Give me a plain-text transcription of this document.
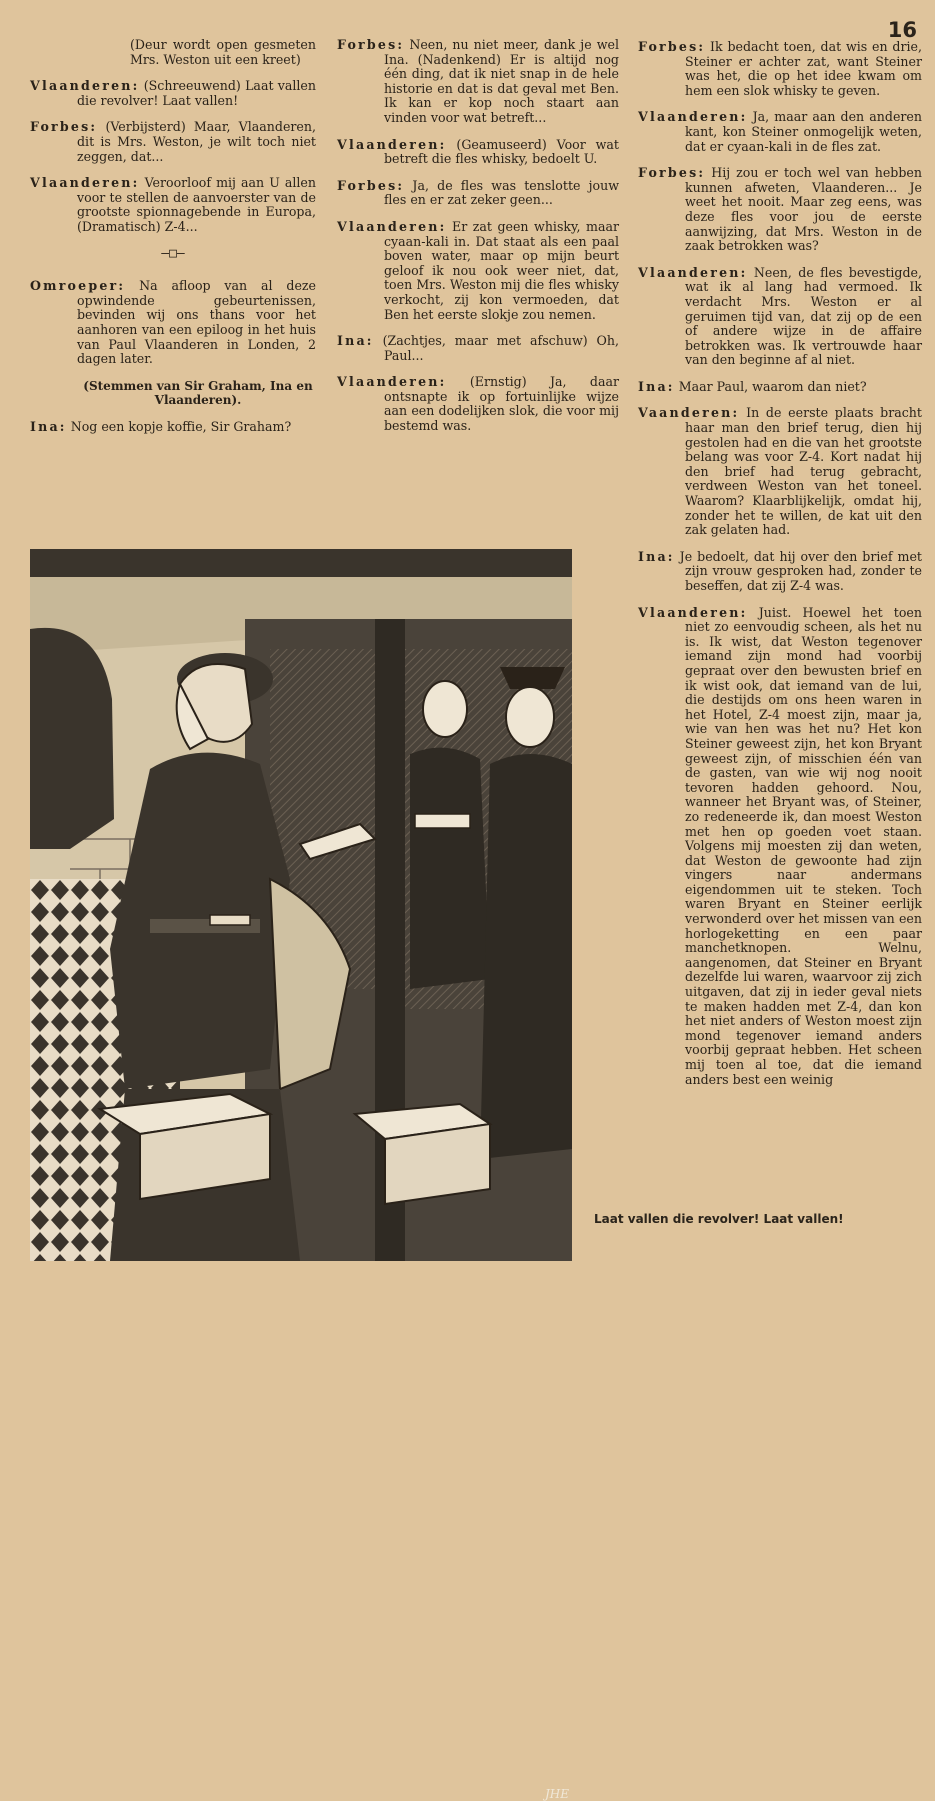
16

(Deur wordt open gesmeten Mrs. Weston uit een kreet)

Vlaanderen: (Schreeuwend) Laat vallen die revolver! Laat vallen!

Forbes: (Verbijsterd) Maar, Vlaanderen, dit is Mrs. Weston, je wilt toch niet zeggen, dat...

Vlaanderen: Veroorloof mij aan U allen voor te stellen de aanvoerster van de grootste spionnagebende in Europa, (Dramatisch) Z-4...

—□—

Omroeper: Na afloop van al deze opwindende gebeurtenissen, bevinden wij ons thans voor het aanhoren van een epiloog in het huis van Paul Vlaanderen in Londen, 2 dagen later.

(Stemmen van Sir Graham, Ina en Vlaanderen).

Ina: Nog een kopje koffie, Sir Graham?

Forbes: Neen, nu niet meer, dank je wel Ina. (Nadenkend) Er is altijd nog één ding, dat ik niet snap in de hele historie en dat is dat geval met Ben. Ik kan er kop noch staart aan vinden voor wat betreft...

Vlaanderen: (Geamuseerd) Voor wat betreft die fles whisky, bedoelt U.

Forbes: Ja, de fles was tenslotte jouw fles en er zat zeker geen...

Vlaanderen: Er zat geen whisky, maar cyaan-kali in. Dat staat als een paal boven water, maar op mijn beurt geloof ik nou ook weer niet, dat, toen Mrs. Weston mij die fles whisky verkocht, zij kon vermoeden, dat Ben het eerste slokje zou nemen.

Ina: (Zachtjes, maar met afschuw) Oh, Paul...

Vlaanderen: (Ernstig) Ja, daar ontsnapte ik op fortuinlijke wijze aan een dodelijken slok, die voor mij bestemd was.

Forbes: Ik bedacht toen, dat wis en drie, Steiner er achter zat, want Steiner was het, die op het idee kwam om hem een slok whisky te geven.

Vlaanderen: Ja, maar aan den anderen kant, kon Steiner onmogelijk weten, dat er cyaan-kali in de fles zat.

Forbes: Hij zou er toch wel van hebben kunnen afweten, Vlaanderen... Je weet het nooit. Maar zeg eens, was deze fles voor jou de eerste aanwijzing, dat Mrs. Weston in de zaak betrokken was?

Vlaanderen: Neen, de fles bevestigde, wat ik al lang had vermoed. Ik verdacht Mrs. Weston er al geruimen tijd van, dat zij op de een of andere wijze in de affaire betrokken was. Ik vertrouwde haar van den beginne af al niet.

Ina: Maar Paul, waarom dan niet?

Vaanderen: In de eerste plaats bracht haar man den brief terug, dien hij gestolen had en die van het grootste belang was voor Z-4. Kort nadat hij den brief had terug gebracht, verdween Weston van het toneel. Waarom? Klaarblijkelijk, omdat hij, zonder het te willen, de kat uit den zak gelaten had.

Ina: Je bedoelt, dat hij over den brief met zijn vrouw gesproken had, zonder te beseffen, dat zij Z-4 was.

Vlaanderen: Juist. Hoewel het toen niet zo eenvoudig scheen, als het nu is. Ik wist, dat Weston tegenover iemand zijn mond had voorbij gepraat over den bewusten brief en ik wist ook, dat iemand van de lui, die destijds om ons heen waren in het Hotel, Z-4 moest zijn, maar ja, wie van hen was het nu? Het kon Steiner geweest zijn, het kon Bryant geweest zijn, of misschien één van de gasten, van wie wij nog nooit tevoren hadden gehoord. Nou, wanneer het Bryant was, of Steiner, zo redeneerde ik, dan moest Weston met hen op goeden voet staan. Volgens mij moesten zij dan weten, dat Weston de gewoonte had zijn vingers naar andermans eigendommen uit te steken. Toch waren Bryant en Steiner eerlijk verwonderd over het missen van een horlogeketting en een paar manchetknopen. Welnu, aangenomen, dat Steiner en Bryant dezelfde lui waren, waarvoor zij zich uitgaven, dat zij in ieder geval niets te maken hadden met Z-4, dan kon het niet anders of Weston moest zijn mond tegenover iemand anders voorbij gepraat hebben. Het scheen mij toen al toe, dat die iemand anders best een weinig

JHE
Laat vallen die revolver! Laat vallen!
